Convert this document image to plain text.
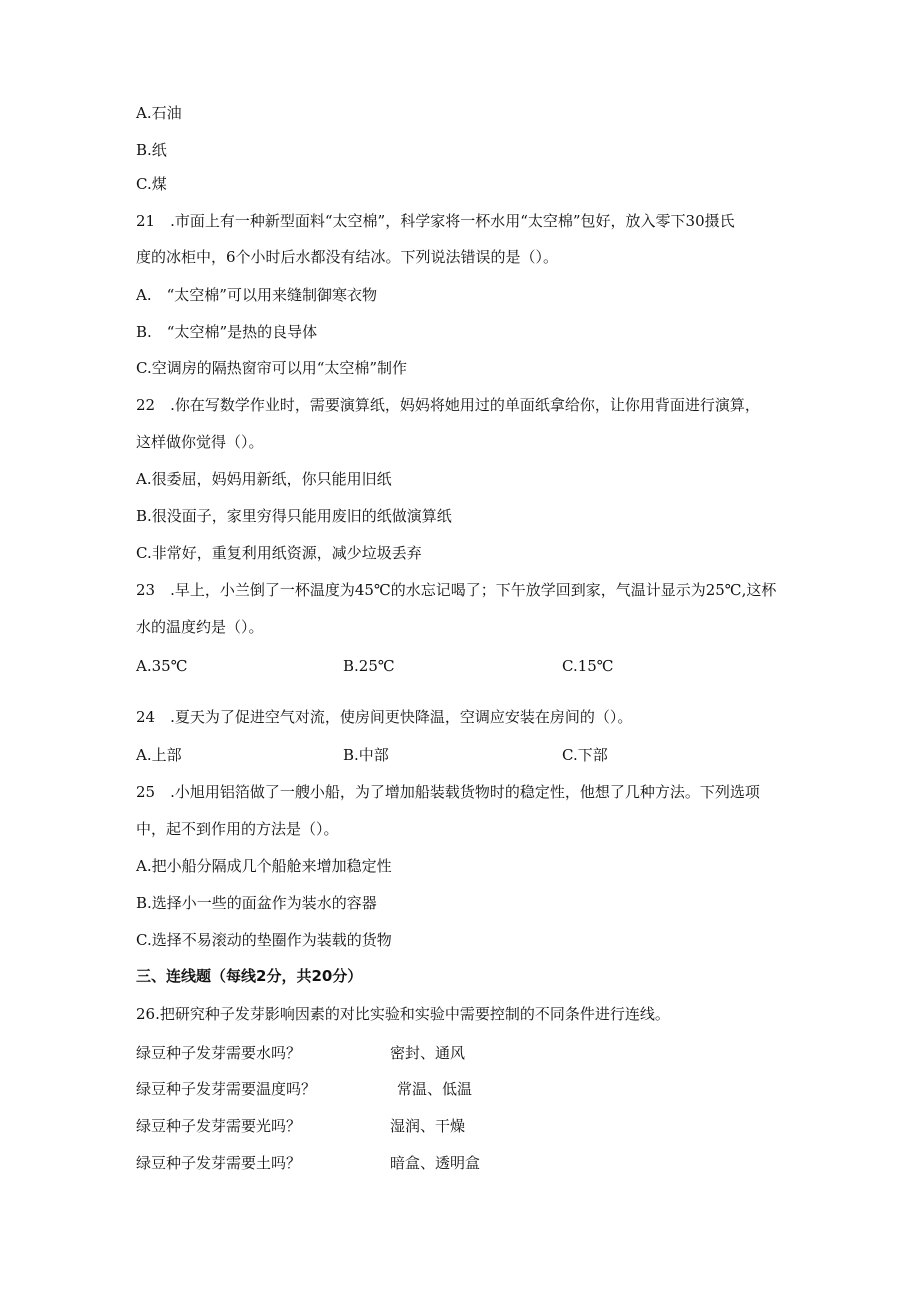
A.石油
B.纸
C.煤
21　.市面上有一种新型面料“太空棉”，科学家将一杯水用“太空棉”包好，放入零下30摄氏
度的冰柜中，6个小时后水都没有结冰。下列说法错误的是（）。
A.　“太空棉”可以用来缝制御寒衣物
B.　“太空棉”是热的良导体
C.空调房的隔热窗帘可以用“太空棉”制作
22　.你在写数学作业时，需要演算纸，妈妈将她用过的单面纸拿给你，让你用背面进行演算，
这样做你觉得（）。
A.很委屈，妈妈用新纸，你只能用旧纸
B.很没面子，家里穷得只能用废旧的纸做演算纸
C.非常好，重复利用纸资源，减少垃圾丢弃
23　.早上，小兰倒了一杯温度为45℃的水忘记喝了；下午放学回到家，气温计显示为25℃,这杯
水的温度约是（）。
A.35℃	B.25℃	C.15℃
24　.夏天为了促进空气对流，使房间更快降温，空调应安装在房间的（）。
A.上部	B.中部	C.下部
25　.小旭用铝箔做了一艘小船，为了增加船装载货物时的稳定性，他想了几种方法。下列选项
中，起不到作用的方法是（）。
A.把小船分隔成几个船舱来增加稳定性
B.选择小一些的面盆作为装水的容器
C.选择不易滚动的垫圈作为装载的货物
三、连线题（每线2分，共20分）
26.把研究种子发芽影响因素的对比实验和实验中需要控制的不同条件进行连线。
绿豆种子发芽需要水吗？	密封、通风
绿豆种子发芽需要温度吗？	常温、低温
绿豆种子发芽需要光吗？	湿润、干燥
绿豆种子发芽需要土吗？	暗盒、透明盒
